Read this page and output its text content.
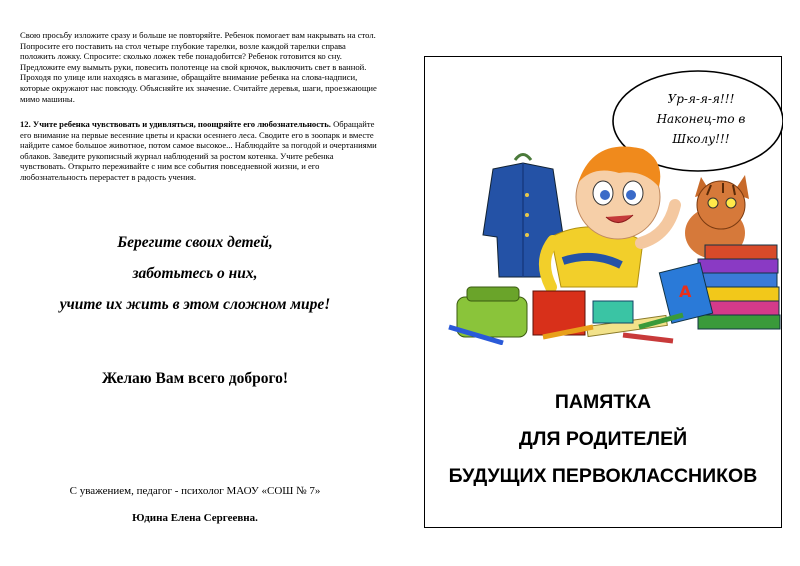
Свою просьбу изложите сразу и больше не повторяйте. Ребенок помогает вам накрывать на стол. Попросите его поставить на стол четыре глубокие тарелки, возле каждой тарелки справа положить ложку. Спросите: сколько ложек тебе понадобится? Ребенок готовится ко сну. Предложите ему вымыть руки, повесить полотенце на свой крючок, выключить свет в ванной. Проходя по улице или находясь в магазине, обращайте внимание ребенка на слова-надписи, которые окружают нас повсюду. Объясняйте их значение. Считайте деревья, шаги, проезжающие мимо машины.

12. Учите ребенка чувствовать и удивляться, поощряйте его любознательность. Обращайте его внимание на первые весенние цветы и краски осеннего леса. Сводите его в зоопарк и вместе найдите самое большое животное, потом самое высокое... Наблюдайте за погодой и очертаниями облаков. Заведите рукописный журнал наблюдений за ростом котенка. Учите ребенка чувствовать. Открыто переживайте с ним все события повседневной жизни, и его любознательность перерастет в радость учения.

Берегите своих детей,
заботьтесь о них,
учите их жить в этом сложном мире!
Желаю Вам всего доброго!
С уважением, педагог - психолог МАОУ «СОШ № 7»
Юдина Елена Сергеевна.
Ур-я-я-я!!!
Наконец-то в
Школу!!!
А
ПАМЯТКА
ДЛЯ РОДИТЕЛЕЙ
БУДУЩИХ ПЕРВОКЛАССНИКОВ
